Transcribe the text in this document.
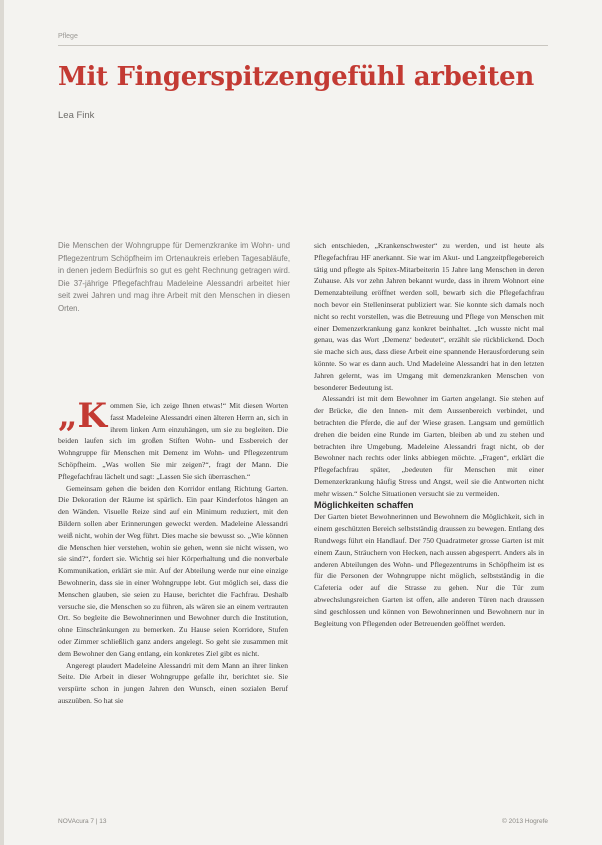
Pflege
Mit Fingerspitzengefühl arbeiten
Lea Fink
Die Menschen der Wohngruppe für Demenzkranke im Wohn- und Pflegezentrum Schöpfheim im Ortenaukreis erleben Tagesabläufe, in denen jedem Bedürfnis so gut es geht Rechnung getragen wird. Die 37-jährige Pflegefachfrau Madeleine Alessandri arbeitet hier seit zwei Jahren und mag ihre Arbeit mit den Menschen in diesen Orten.

„Kommen Sie, ich zeige Ihnen etwas!“ Mit diesen Worten fasst Madeleine Alessandri einen älteren Herrn an, sich in ihrem linken Arm einzuhängen, um sie zu begleiten. Die beiden laufen sich im großen Stiften Wohn- und Essbereich der Wohngruppe für Menschen mit Demenz im Wohn- und Pflegezentrum Schöpfheim. „Was wollen Sie mir zeigen?“, fragt der Mann. Die Pflegefachfrau lächelt und sagt: „Lassen Sie sich überraschen.“

Gemeinsam gehen die beiden den Korridor entlang Richtung Garten. Die Dekoration der Räume ist spärlich. Ein paar Kinderfotos hängen an den Wänden. Visuelle Reize sind auf ein Minimum reduziert, mit den Bildern sollen aber Erinnerungen geweckt werden. Madeleine Alessandri weiß nicht, wohin der Weg führt. Dies mache sie bewusst so. „Wie können die Menschen hier verstehen, wohin sie gehen, wenn sie nicht wissen, wo sie sind?“, fordert sie. Wichtig sei hier Körperhaltung und die nonverbale Kommunikation, erklärt sie mir. Auf der Abteilung werde nur eine einzige Bewohnerin, dass sie in einer Wohngruppe lebt. Gut möglich sei, dass die Menschen glauben, sie seien zu Hause, berichtet die Fachfrau. Deshalb versuche sie, die Menschen so zu führen, als wären sie an einem vertrauten Ort. So begleite die Bewohnerinnen und Bewohner durch die Institution, ohne Einschränkungen zu bemerken. Zu Hause seien Korridore, Stufen oder Zimmer schließlich ganz anders angelegt. So geht sie zusammen mit dem Bewohner den Gang entlang, ein konkretes Ziel gibt es nicht.

Angeregt plaudert Madeleine Alessandri mit dem Mann an ihrer linken Seite. Die Arbeit in dieser Wohngruppe gefalle ihr, berichtet sie. Sie verspürte schon in jungen Jahren den Wunsch, einen sozialen Beruf auszuüben. So hat sie

sich entschieden, „Krankenschwester“ zu werden, und ist heute als Pflegefachfrau HF anerkannt. Sie war im Akut- und Langzeitpflegebereich tätig und pflegte als Spitex-Mitarbeiterin 15 Jahre lang Menschen in deren Zuhause. Als vor zehn Jahren bekannt wurde, dass in ihrem Wohnort eine Demenzabteilung eröffnet werden soll, bewarb sich die Pflegefachfrau noch bevor ein Stelleninserat publiziert war. Sie konnte sich damals noch nicht so recht vorstellen, was die Betreuung und Pflege von Menschen mit einer Demenzerkrankung ganz konkret beinhaltet. „Ich wusste nicht mal genau, was das Wort ‚Demenz‘ bedeutet“, erzählt sie rückblickend. Doch sie mache sich aus, dass diese Arbeit eine spannende Herausforderung sein könnte. So war es dann auch. Und Madeleine Alessandri hat in den letzten Jahren gelernt, was im Umgang mit demenzkranken Menschen von besonderer Bedeutung ist.

Alessandri ist mit dem Bewohner im Garten angelangt. Sie stehen auf der Brücke, die den Innen- mit dem Aussenbereich verbindet, und betrachten die Pferde, die auf der Wiese grasen. Langsam und gemütlich drehen die beiden eine Runde im Garten, bleiben ab und zu stehen und betrachten ihre Umgebung. Madeleine Alessandri fragt nicht, ob der Bewohner nach rechts oder links abbiegen möchte. „Fragen“, erklärt die Pflegefachfrau später, „bedeuten für Menschen mit einer Demenzerkrankung häufig Stress und Angst, weil sie die Antworten nicht mehr wissen.“ Solche Situationen versucht sie zu vermeiden.

Möglichkeiten schaffen

Der Garten bietet Bewohnerinnen und Bewohnern die Möglichkeit, sich in einem geschützten Bereich selbstständig draussen zu bewegen. Entlang des Rundwegs führt ein Handlauf. Der 750 Quadratmeter grosse Garten ist mit einem Zaun, Sträuchern von Hecken, nach aussen abgesperrt. Anders als in anderen Abteilungen des Wohn- und Pflegezentrums in Schöpfheim ist es für die Personen der Wohngruppe nicht möglich, selbstständig in die Cafeteria oder auf die Strasse zu gehen. Nur die Tür zum abwechslungsreichen Garten ist offen, alle anderen Türen nach draussen sind geschlossen und können von Bewohnerinnen und Bewohnern nur in Begleitung von Pflegenden oder Betreuenden geöffnet werden.

NOVAcura 7 | 13	© 2013 Hogrefe
